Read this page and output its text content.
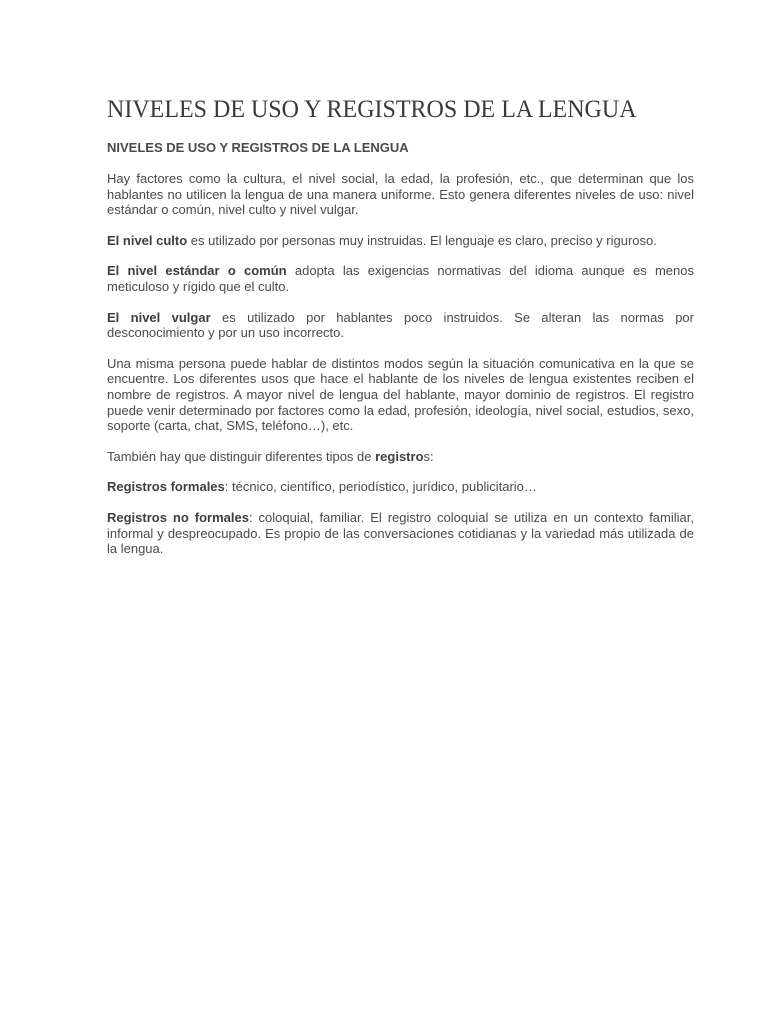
NIVELES DE USO Y REGISTROS DE LA LENGUA

NIVELES DE USO Y REGISTROS DE LA LENGUA

Hay factores como la cultura, el nivel social, la edad, la profesión, etc., que determinan que los hablantes no utilicen la lengua de una manera uniforme. Esto genera diferentes niveles de uso: nivel estándar o común, nivel culto y nivel vulgar.

El nivel culto es utilizado por personas muy instruidas. El lenguaje es claro, preciso y riguroso.

El nivel estándar o común adopta las exigencias normativas del idioma aunque es menos meticuloso y rígido que el culto.

El nivel vulgar es utilizado por hablantes poco instruidos. Se alteran las normas por desconocimiento y por un uso incorrecto.

Una misma persona puede hablar de distintos modos según la situación comunicativa en la que se encuentre. Los diferentes usos que hace el hablante de los niveles de lengua existentes reciben el nombre de registros. A mayor nivel de lengua del hablante, mayor dominio de registros. El registro puede venir determinado por factores como la edad, profesión, ideología, nivel social, estudios, sexo, soporte (carta, chat, SMS, teléfono…), etc.

También hay que distinguir diferentes tipos de registros:

Registros formales: técnico, científico, periodístico, jurídico, publicitario…

Registros no formales: coloquial, familiar. El registro coloquial se utiliza en un contexto familiar, informal y despreocupado. Es propio de las conversaciones cotidianas y la variedad más utilizada de la lengua.
